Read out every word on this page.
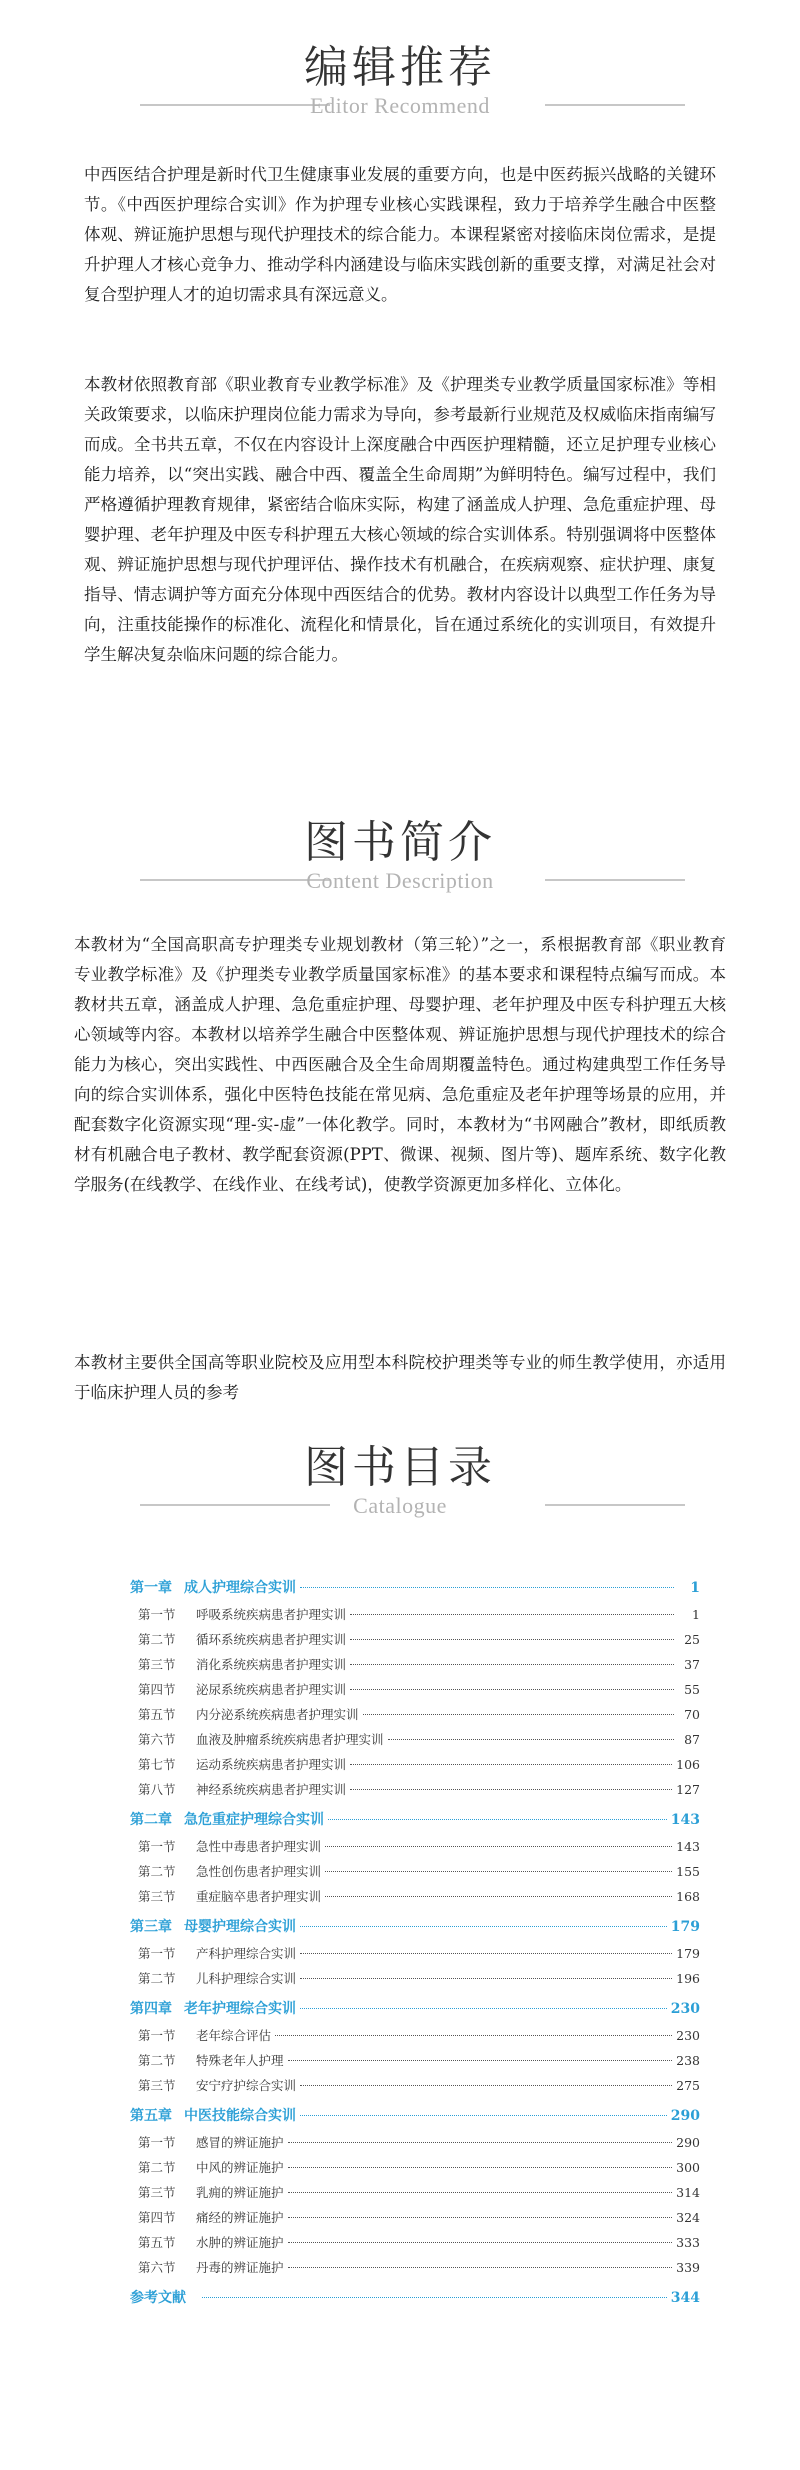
编辑推荐
Editor Recommend

中西医结合护理是新时代卫生健康事业发展的重要方向，也是中医药振兴战略的关键环节。《中西医护理综合实训》作为护理专业核心实践课程，致力于培养学生融合中医整体观、辨证施护思想与现代护理技术的综合能力。本课程紧密对接临床岗位需求，是提升护理人才核心竞争力、推动学科内涵建设与临床实践创新的重要支撑，对满足社会对复合型护理人才的迫切需求具有深远意义。

本教材依照教育部《职业教育专业教学标准》及《护理类专业教学质量国家标准》等相关政策要求，以临床护理岗位能力需求为导向，参考最新行业规范及权威临床指南编写而成。全书共五章，不仅在内容设计上深度融合中西医护理精髓，还立足护理专业核心能力培养，以“突出实践、融合中西、覆盖全生命周期”为鲜明特色。编写过程中，我们严格遵循护理教育规律，紧密结合临床实际，构建了涵盖成人护理、急危重症护理、母婴护理、老年护理及中医专科护理五大核心领域的综合实训体系。特别强调将中医整体观、辨证施护思想与现代护理评估、操作技术有机融合，在疾病观察、症状护理、康复指导、情志调护等方面充分体现中西医结合的优势。教材内容设计以典型工作任务为导向，注重技能操作的标准化、流程化和情景化，旨在通过系统化的实训项目，有效提升学生解决复杂临床问题的综合能力。

图书简介
Content Description

本教材为“全国高职高专护理类专业规划教材（第三轮）”之一，系根据教育部《职业教育专业教学标准》及《护理类专业教学质量国家标准》的基本要求和课程特点编写而成。本教材共五章，涵盖成人护理、急危重症护理、母婴护理、老年护理及中医专科护理五大核心领域等内容。本教材以培养学生融合中医整体观、辨证施护思想与现代护理技术的综合能力为核心，突出实践性、中西医融合及全生命周期覆盖特色。通过构建典型工作任务导向的综合实训体系，强化中医特色技能在常见病、急危重症及老年护理等场景的应用，并配套数字化资源实现“理-实-虚”一体化教学。同时，本教材为“书网融合”教材，即纸质教材有机融合电子教材、教学配套资源(PPT、微课、视频、图片等)、题库系统、数字化教学服务(在线教学、在线作业、在线考试)，使教学资源更加多样化、立体化。

本教材主要供全国高等职业院校及应用型本科院校护理类等专业的师生教学使用，亦适用于临床护理人员的参考

图书目录
Catalogue
第一章 成人护理综合实训	1
第一节	呼吸系统疾病患者护理实训	1
第二节	循环系统疾病患者护理实训	25
第三节	消化系统疾病患者护理实训	37
第四节	泌尿系统疾病患者护理实训	55
第五节	内分泌系统疾病患者护理实训	70
第六节	血液及肿瘤系统疾病患者护理实训	87
第七节	运动系统疾病患者护理实训	106
第八节	神经系统疾病患者护理实训	127
第二章 急危重症护理综合实训	143
第一节	急性中毒患者护理实训	143
第二节	急性创伤患者护理实训	155
第三节	重症脑卒患者护理实训	168
第三章 母婴护理综合实训	179
第一节	产科护理综合实训	179
第二节	儿科护理综合实训	196
第四章 老年护理综合实训	230
第一节	老年综合评估	230
第二节	特殊老年人护理	238
第三节	安宁疗护综合实训	275
第五章 中医技能综合实训	290
第一节	感冒的辨证施护	290
第二节	中风的辨证施护	300
第三节	乳痈的辨证施护	314
第四节	痛经的辨证施护	324
第五节	水肿的辨证施护	333
第六节	丹毒的辨证施护	339
参考文献	344
